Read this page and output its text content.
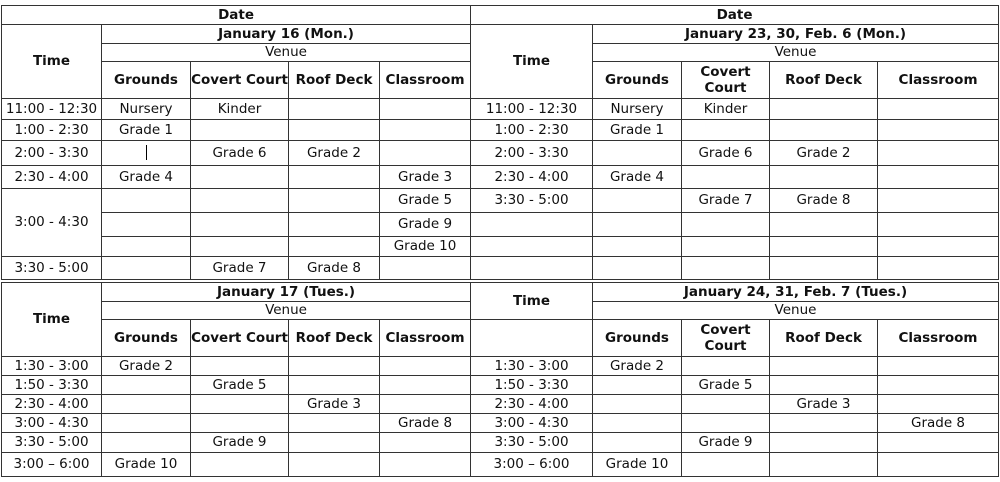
Date				
Time	January 16 (Mon.)			
	Venue			
	Grounds	Covert Court	Roof Deck	Classroom
11:00 - 12:30	Nursery	Kinder		
1:00 - 2:30	Grade 1			
2:00 - 3:30		Grade 6	Grade 2	
2:30 - 4:00	Grade 4			Grade 3
3:00 - 4:30				Grade 5
				Grade 9
				Grade 10
3:30 - 5:00		Grade 7	Grade 8	
Date				
Time	January 23, 30, Feb. 6 (Mon.)			
	Venue			
	Grounds	Covert Court	Roof Deck	Classroom
11:00 - 12:30	Nursery	Kinder		
1:00 - 2:30	Grade 1			
2:00 - 3:30		Grade 6	Grade 2	
2:30 - 4:00	Grade 4			
3:30 - 5:00		Grade 7	Grade 8	

Time	January 17 (Tues.)			
	Venue			
	Grounds	Covert Court	Roof Deck	Classroom
1:30 - 3:00	Grade 2			
1:50 - 3:30		Grade 5		
2:30 - 4:00			Grade 3	
3:00 - 4:30				Grade 8
3:30 - 5:00		Grade 9		
3:00 – 6:00	Grade 10			
Time	January 24, 31, Feb. 7 (Tues.)			
	Venue			
	Grounds	Covert Court	Roof Deck	Classroom
1:30 - 3:00	Grade 2			
1:50 - 3:30		Grade 5		
2:30 - 4:00			Grade 3	
3:00 - 4:30				Grade 8
3:30 - 5:00		Grade 9		
3:00 – 6:00	Grade 10			
